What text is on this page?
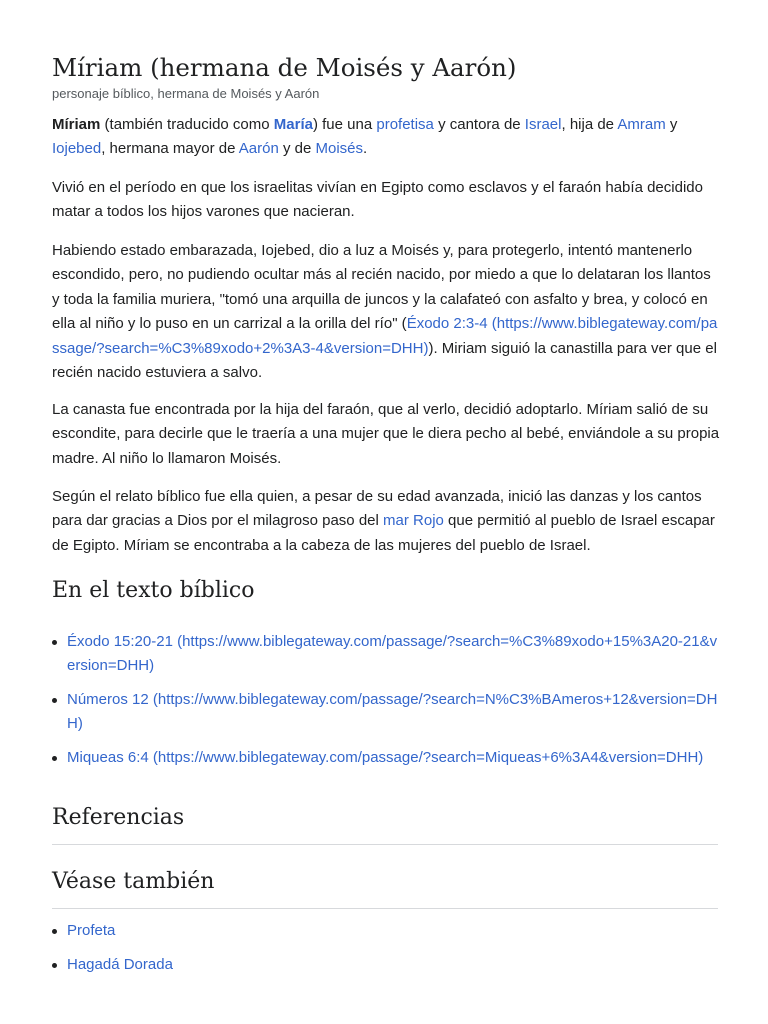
Míriam (hermana de Moisés y Aarón)
personaje bíblico, hermana de Moisés y Aarón

Míriam (también traducido como María) fue una profetisa y cantora de Israel, hija de Amram y Iojebed, hermana mayor de Aarón y de Moisés.

Vivió en el período en que los israelitas vivían en Egipto como esclavos y el faraón había decidido matar a todos los hijos varones que nacieran.

Habiendo estado embarazada, Iojebed, dio a luz a Moisés y, para protegerlo, intentó mantenerlo escondido, pero, no pudiendo ocultar más al recién nacido, por miedo a que lo delataran los llantos y toda la familia muriera, "tomó una arquilla de juncos y la calafateó con asfalto y brea, y colocó en ella al niño y lo puso en un carrizal a la orilla del río" (Éxodo 2:3-4 (https://www.biblegateway.com/passage/?search=%C3%89xodo+2%3A3-4&version=DHH)). Miriam siguió la canastilla para ver que el recién nacido estuviera a salvo.

La canasta fue encontrada por la hija del faraón, que al verlo, decidió adoptarlo. Míriam salió de su escondite, para decirle que le traería a una mujer que le diera pecho al bebé, enviándole a su propia madre. Al niño lo llamaron Moisés.

Según el relato bíblico fue ella quien, a pesar de su edad avanzada, inició las danzas y los cantos para dar gracias a Dios por el milagroso paso del mar Rojo que permitió al pueblo de Israel escapar de Egipto. Míriam se encontraba a la cabeza de las mujeres del pueblo de Israel.

En el texto bíblico
Éxodo 15:20-21 (https://www.biblegateway.com/passage/?search=%C3%89xodo+15%3A20-21&version=DHH)
Números 12 (https://www.biblegateway.com/passage/?search=N%C3%BAmeros+12&version=DHH)
Miqueas 6:4 (https://www.biblegateway.com/passage/?search=Miqueas+6%3A4&version=DHH)
Referencias
Véase también
Profeta
Hagadá Dorada
